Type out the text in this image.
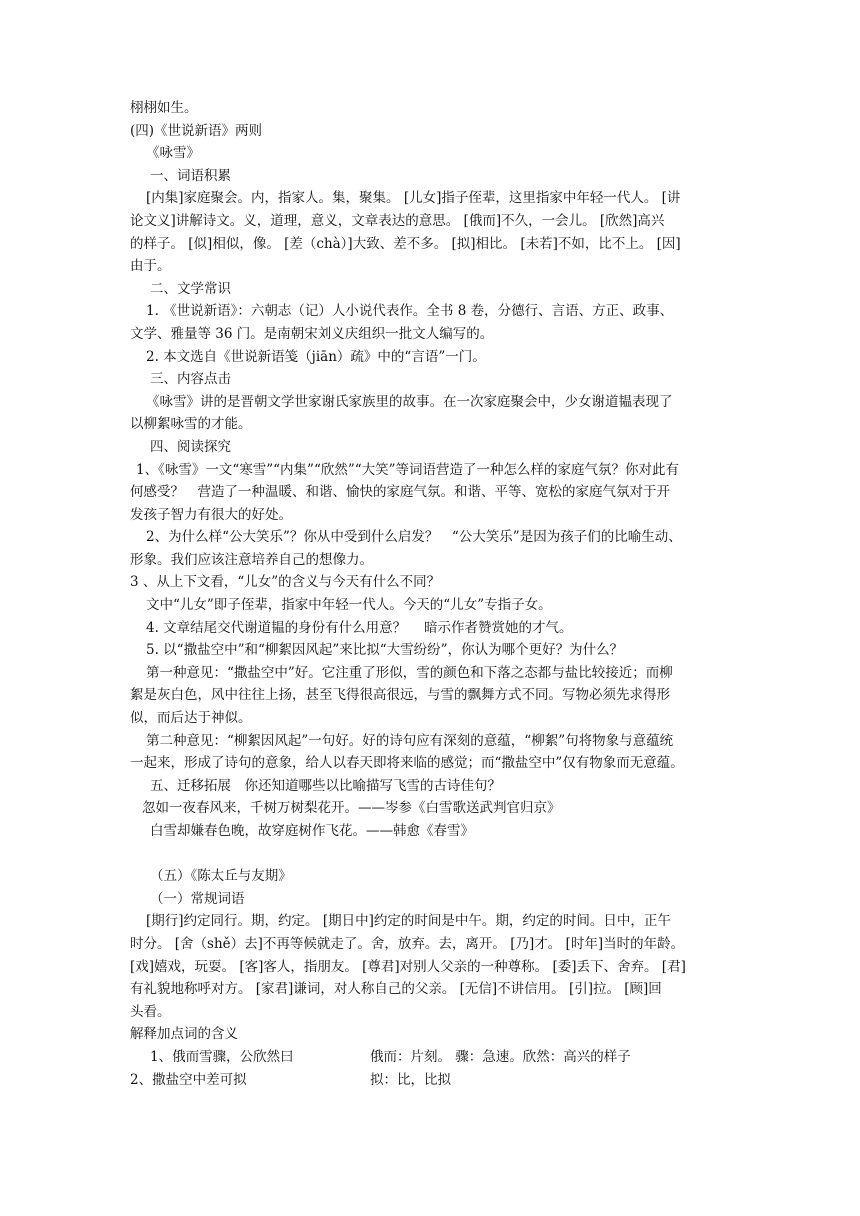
栩栩如生。
(四)《世说新语》两则
《咏雪》
一、词语积累
[内集]家庭聚会。内，指家人。集，聚集。 [儿女]指子侄辈，这里指家中年轻一代人。 [讲
论文义]讲解诗文。义，道理，意义，文章表达的意思。 [俄而]不久，一会儿。 [欣然]高兴
的样子。 [似]相似，像。 [差（chà）]大致、差不多。 [拟]相比。 [未若]不如，比不上。 [因]
由于。
二、文学常识
1. 《世说新语》：六朝志（记）人小说代表作。全书 8 卷，分德行、言语、方正、政事、
文学、雅量等 36 门。是南朝宋刘义庆组织一批文人编写的。
2. 本文选自《世说新语笺（jiān）疏》中的“言语”一门。
三、内容点击
《咏雪》讲的是晋朝文学世家谢氏家族里的故事。在一次家庭聚会中，少女谢道韫表现了
以柳絮咏雪的才能。
四、阅读探究
1、《咏雪》一文“寒雪”“内集”“欣然”“大笑”等词语营造了一种怎么样的家庭气氛？你对此有
何感受？　营造了一种温暖、和谐、愉快的家庭气氛。和谐、平等、宽松的家庭气氛对于开
发孩子智力有很大的好处。
2、为什么样“公大笑乐”？你从中受到什么启发？　“公大笑乐”是因为孩子们的比喻生动、
形象。我们应该注意培养自己的想像力。
3 、从上下文看，“儿女”的含义与今天有什么不同？
文中“儿女”即子侄辈，指家中年轻一代人。今天的“儿女”专指子女。
4. 文章结尾交代谢道韫的身份有什么用意？　 暗示作者赞赏她的才气。
5. 以“撒盐空中”和“柳絮因风起”来比拟“大雪纷纷”，你认为哪个更好？为什么？
第一种意见：“撒盐空中”好。它注重了形似，雪的颜色和下落之态都与盐比较接近；而柳
絮是灰白色，风中往往上扬，甚至飞得很高很远，与雪的飘舞方式不同。写物必须先求得形
似，而后达于神似。
第二种意见：“柳絮因风起”一句好。好的诗句应有深刻的意蕴，“柳絮”句将物象与意蕴统
一起来，形成了诗句的意象，给人以春天即将来临的感觉；而“撒盐空中”仅有物象而无意蕴。
五、迁移拓展　你还知道哪些以比喻描写飞雪的古诗佳句？
忽如一夜春风来，千树万树梨花开。——岑参《白雪歌送武判官归京》
白雪却嫌春色晚，故穿庭树作飞花。——韩愈《春雪》
（五）《陈太丘与友期》
（一）常规词语
[期行]约定同行。期，约定。 [期日中]约定的时间是中午。期，约定的时间。日中，正午
时分。 [舍（shě）去]不再等候就走了。舍，放弃。去，离开。 [乃]才。 [时年]当时的年龄。
[戏]嬉戏，玩耍。 [客]客人，指朋友。 [尊君]对别人父亲的一种尊称。 [委]丢下、舍弃。 [君]
有礼貌地称呼对方。 [家君]谦词，对人称自己的父亲。 [无信]不讲信用。 [引]拉。 [顾]回
头看。
解释加点词的含义
1、俄而雪骤，公欣然曰	俄而：片刻。 骤：急速。欣然：高兴的样子
2、撒盐空中差可拟	拟：比，比拟
